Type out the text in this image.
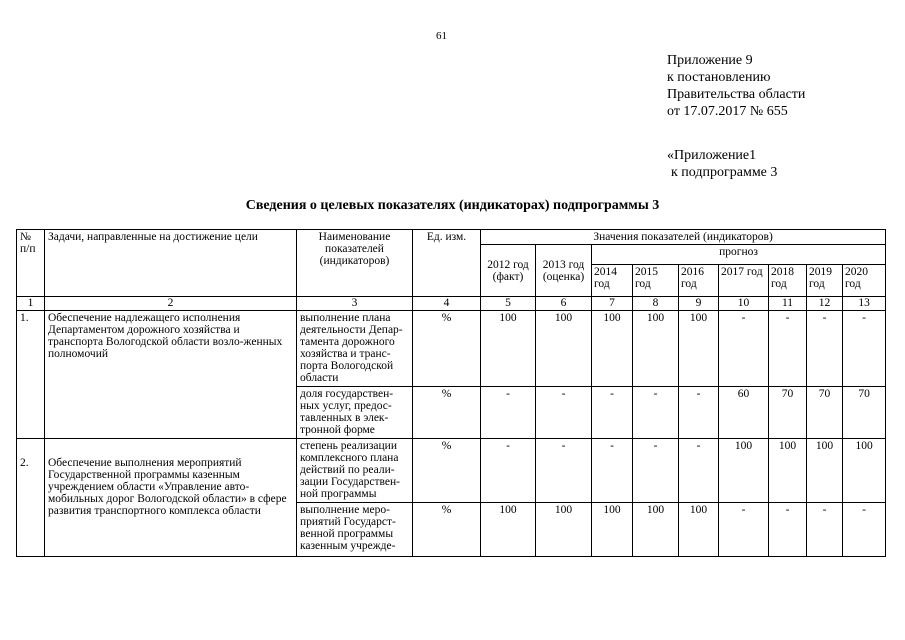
61
Приложение 9
к постановлению
Правительства области
от 17.07.2017 № 655
«Приложение1
к подпрограмме 3
Сведения о целевых показателях (индикаторах) подпрограммы 3
№ п/п	Задачи, направленные на достижение цели	Наименование показателей (индикаторов)	Ед. изм.	Значения показателей (индикаторов)								
				2012 год (факт)	2013 год (оценка)	прогноз						
						2014 год	2015 год	2016 год	2017 год	2018 год	2019 год	2020 год
1	2	3	4	5	6	7	8	9	10	11	12	13
1.	Обеспечение надлежащего исполнения Департаментом дорожного хозяйства и транспорта Вологодской области возло-женных полномочий	выполнение плана деятельности Депар-тамента дорожного хозяйства и транс-порта Вологодской области	%	100	100	100	100	100	-	-	-	-
		доля государствен-ных услуг, предос-тавленных в элек-тронной форме	%	-	-	-	-	-	60	70	70	70
2.	Обеспечение выполнения мероприятий Государственной программы казенным учреждением области «Управление авто-мобильных дорог Вологодской области» в сфере развития транспортного комплекса области	степень реализации комплексного плана действий по реали-зации Государствен-ной программы	%	-	-	-	-	-	100	100	100	100
		выполнение меро-приятий Государст-венной программы казенным учрежде-	%	100	100	100	100	100	-	-	-	-
